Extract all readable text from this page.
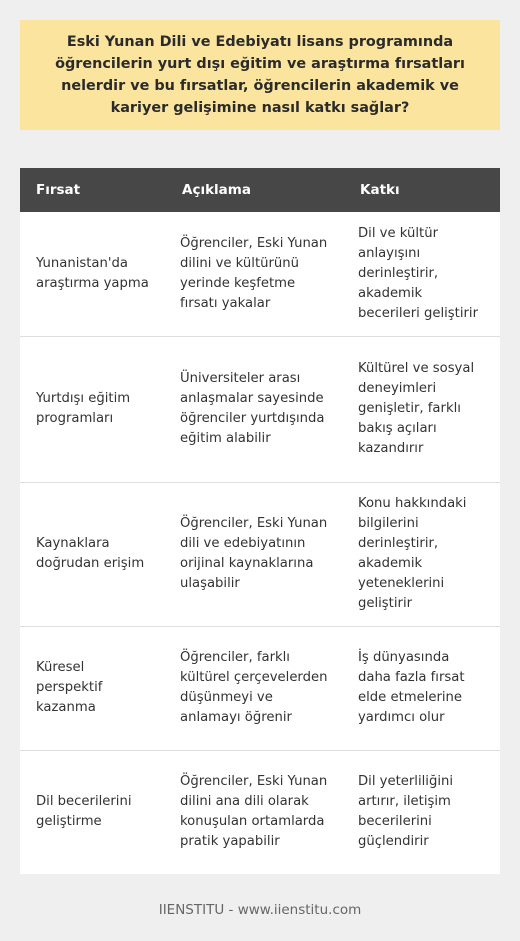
Eski Yunan Dili ve Edebiyatı lisans programında öğrencilerin yurt dışı eğitim ve araştırma fırsatları nelerdir ve bu fırsatlar, öğrencilerin akademik ve kariyer gelişimine nasıl katkı sağlar?
Fırsat	Açıklama	Katkı
Yunanistan'da araştırma yapma	Öğrenciler, Eski Yunan dilini ve kültürünü yerinde keşfetme fırsatı yakalar	Dil ve kültür anlayışını derinleştirir, akademik becerileri geliştirir
Yurtdışı eğitim programları	Üniversiteler arası anlaşmalar sayesinde öğrenciler yurtdışında eğitim alabilir	Kültürel ve sosyal deneyimleri genişletir, farklı bakış açıları kazandırır
Kaynaklara doğrudan erişim	Öğrenciler, Eski Yunan dili ve edebiyatının orijinal kaynaklarına ulaşabilir	Konu hakkındaki bilgilerini derinleştirir, akademik yeteneklerini geliştirir
Küresel perspektif kazanma	Öğrenciler, farklı kültürel çerçevelerden düşünmeyi ve anlamayı öğrenir	İş dünyasında daha fazla fırsat elde etmelerine yardımcı olur
Dil becerilerini geliştirme	Öğrenciler, Eski Yunan dilini ana dili olarak konuşulan ortamlarda pratik yapabilir	Dil yeterliliğini artırır, iletişim becerilerini güçlendirir
IIENSTITU - www.iienstitu.com
